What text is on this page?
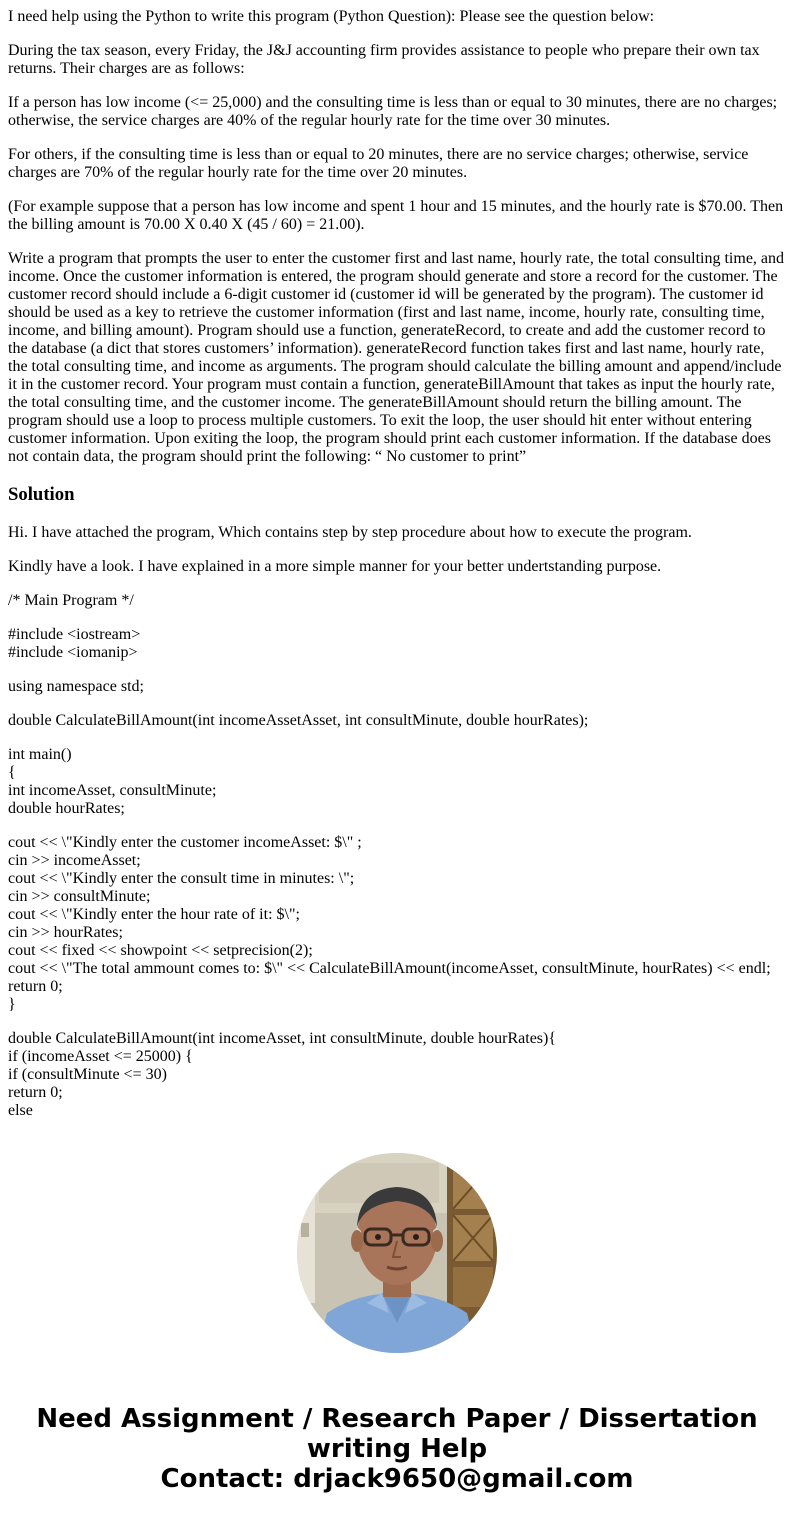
I need help using the Python to write this program (Python Question): Please see the question below:

During the tax season, every Friday, the J&J accounting firm provides assistance to people who prepare their own tax returns. Their charges are as follows:

If a person has low income (<= 25,000) and the consulting time is less than or equal to 30 minutes, there are no charges; otherwise, the service charges are 40% of the regular hourly rate for the time over 30 minutes.

For others, if the consulting time is less than or equal to 20 minutes, there are no service charges; otherwise, service charges are 70% of the regular hourly rate for the time over 20 minutes.

(For example suppose that a person has low income and spent 1 hour and 15 minutes, and the hourly rate is $70.00. Then the billing amount is 70.00 X 0.40 X (45 / 60) = 21.00).

Write a program that prompts the user to enter the customer first and last name, hourly rate, the total consulting time, and income. Once the customer information is entered, the program should generate and store a record for the customer. The customer record should include a 6-digit customer id (customer id will be generated by the program). The customer id should be used as a key to retrieve the customer information (first and last name, income, hourly rate, consulting time, income, and billing amount). Program should use a function, generateRecord, to create and add the customer record to the database (a dict that stores customers’ information). generateRecord function takes first and last name, hourly rate, the total consulting time, and income as arguments. The program should calculate the billing amount and append/include it in the customer record. Your program must contain a function, generateBillAmount that takes as input the hourly rate, the total consulting time, and the customer income. The generateBillAmount should return the billing amount. The program should use a loop to process multiple customers. To exit the loop, the user should hit enter without entering customer information. Upon exiting the loop, the program should print each customer information. If the database does not contain data, the program should print the following: “ No customer to print”

Solution

Hi. I have attached the program, Which contains step by step procedure about how to execute the program.

Kindly have a look. I have explained in a more simple manner for your better undertstanding purpose.

/* Main Program */

#include <iostream>
#include <iomanip>

using namespace std;

double CalculateBillAmount(int incomeAssetAsset, int consultMinute, double hourRates);

int main()
{
int incomeAsset, consultMinute;
double hourRates;

cout << \"Kindly enter the customer incomeAsset: $\" ;
cin >> incomeAsset;
cout << \"Kindly enter the consult time in minutes: \";
cin >> consultMinute;
cout << \"Kindly enter the hour rate of it: $\";
cin >> hourRates;
cout << fixed << showpoint << setprecision(2);
cout << \"The total ammount comes to: $\" << CalculateBillAmount(incomeAsset, consultMinute, hourRates) << endl;
return 0;
}

double CalculateBillAmount(int incomeAsset, int consultMinute, double hourRates){
if (incomeAsset <= 25000) {
if (consultMinute <= 30)
return 0;
else

Need Assignment / Research Paper / Dissertation
writing Help
Contact: drjack9650@gmail.com
